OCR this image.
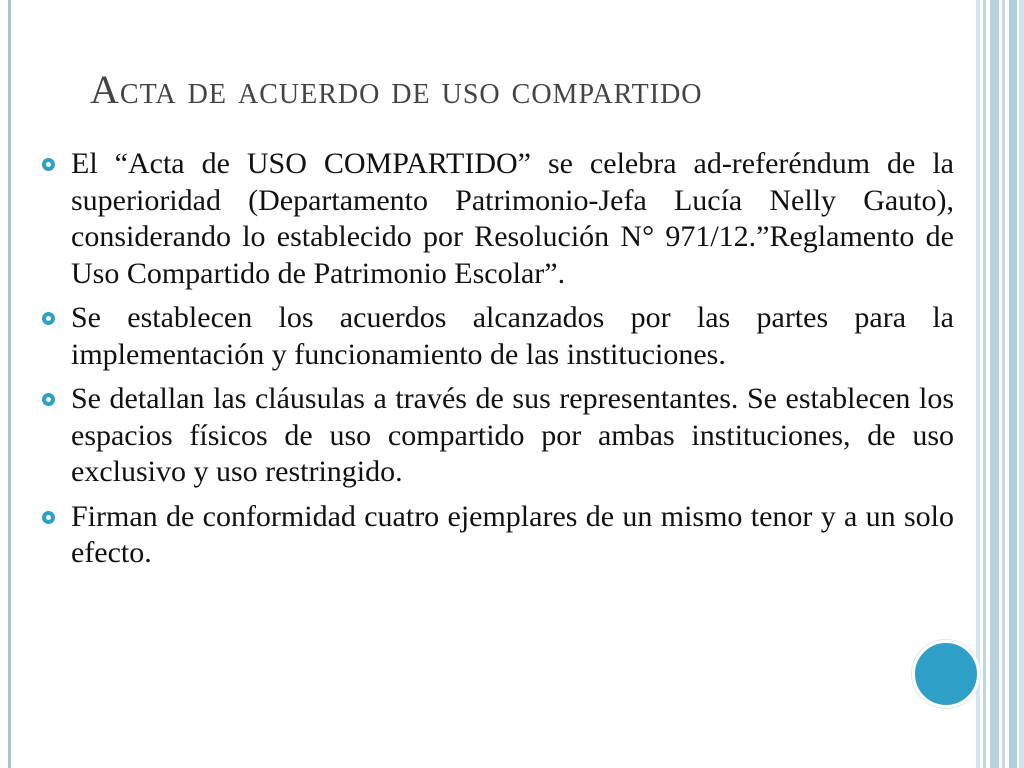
Acta de acuerdo de uso compartido
El “Acta de USO COMPARTIDO” se celebra ad-referéndum de la superioridad (Departamento Patrimonio-Jefa Lucía Nelly Gauto), considerando lo establecido por Resolución N° 971/12.”Reglamento de Uso Compartido de Patrimonio Escolar”.
Se establecen los acuerdos alcanzados por las partes para la implementación y funcionamiento de las instituciones.
Se detallan las cláusulas a través de sus representantes. Se establecen los espacios físicos de uso compartido por ambas instituciones, de uso exclusivo y uso restringido.
Firman de conformidad cuatro ejemplares de un mismo tenor y a un solo efecto.
